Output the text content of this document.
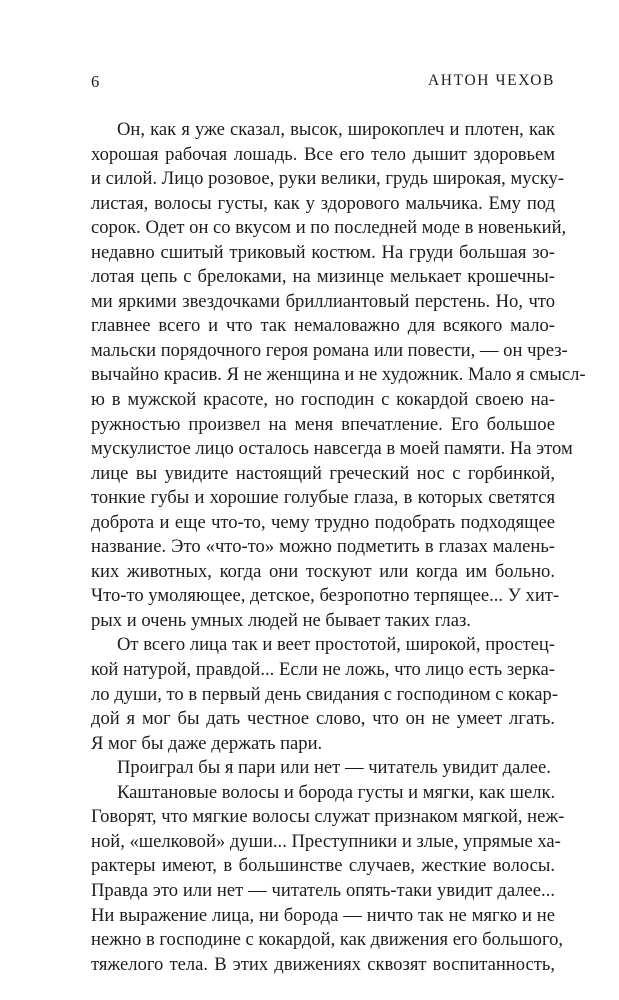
6	АНТОН ЧЕХОВ
Он, как я уже сказал, высок, широкоплеч и плотен, как
хорошая рабочая лошадь. Все его тело дышит здоровьем
и силой. Лицо розовое, руки велики, грудь широкая, муску-
листая, волосы густы, как у здорового мальчика. Ему под
сорок. Одет он со вкусом и по последней моде в новенький,
недавно сшитый триковый костюм. На груди большая зо-
лотая цепь с брелоками, на мизинце мелькает крошечны-
ми яркими звездочками бриллиантовый перстень. Но, что
главнее всего и что так немаловажно для всякого мало-
мальски порядочного героя романа или повести, — он чрез-
вычайно красив. Я не женщина и не художник. Мало я смысл-
ю в мужской красоте, но господин с кокардой своею на-
ружностью произвел на меня впечатление. Его большое
мускулистое лицо осталось навсегда в моей памяти. На этом
лице вы увидите настоящий греческий нос с горбинкой,
тонкие губы и хорошие голубые глаза, в которых светятся
доброта и еще что-то, чему трудно подобрать подходящее
название. Это «что-то» можно подметить в глазах малень-
ких животных, когда они тоскуют или когда им больно.
Что-то умоляющее, детское, безропотно терпящее... У хит-
рых и очень умных людей не бывает таких глаз.
От всего лица так и веет простотой, широкой, простец-
кой натурой, правдой... Если не ложь, что лицо есть зерка-
ло души, то в первый день свидания с господином с кокар-
дой я мог бы дать честное слово, что он не умеет лгать.
Я мог бы даже держать пари.
Проиграл бы я пари или нет — читатель увидит далее.
Каштановые волосы и борода густы и мягки, как шелк.
Говорят, что мягкие волосы служат признаком мягкой, неж-
ной, «шелковой» души... Преступники и злые, упрямые ха-
рактеры имеют, в большинстве случаев, жесткие волосы.
Правда это или нет — читатель опять-таки увидит далее...
Ни выражение лица, ни борода — ничто так не мягко и не
нежно в господине с кокардой, как движения его большого,
тяжелого тела. В этих движениях сквозят воспитанность,
